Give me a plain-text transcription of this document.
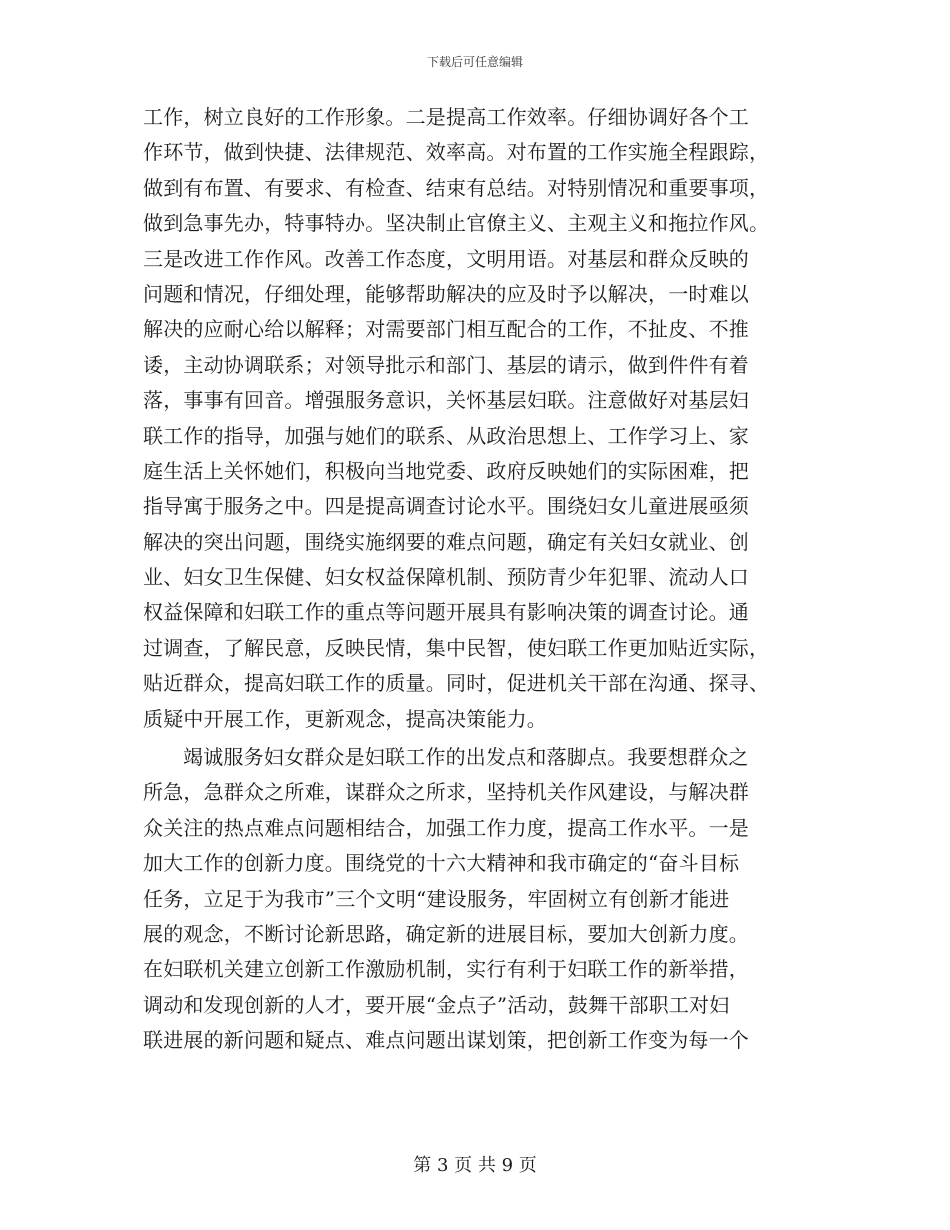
下载后可任意编辑
工作，树立良好的工作形象。二是提高工作效率。仔细协调好各个工
作环节，做到快捷、法律规范、效率高。对布置的工作实施全程跟踪，
做到有布置、有要求、有检查、结束有总结。对特别情况和重要事项，
做到急事先办，特事特办。坚决制止官僚主义、主观主义和拖拉作风。
三是改进工作作风。改善工作态度，文明用语。对基层和群众反映的
问题和情况，仔细处理，能够帮助解决的应及时予以解决，一时难以
解决的应耐心给以解释；对需要部门相互配合的工作，不扯皮、不推
诿，主动协调联系；对领导批示和部门、基层的请示，做到件件有着
落，事事有回音。增强服务意识，关怀基层妇联。注意做好对基层妇
联工作的指导，加强与她们的联系、从政治思想上、工作学习上、家
庭生活上关怀她们，积极向当地党委、政府反映她们的实际困难，把
指导寓于服务之中。四是提高调查讨论水平。围绕妇女儿童进展亟须
解决的突出问题，围绕实施纲要的难点问题，确定有关妇女就业、创
业、妇女卫生保健、妇女权益保障机制、预防青少年犯罪、流动人口
权益保障和妇联工作的重点等问题开展具有影响决策的调查讨论。通
过调查，了解民意，反映民情，集中民智，使妇联工作更加贴近实际，
贴近群众，提高妇联工作的质量。同时，促进机关干部在沟通、探寻、
质疑中开展工作，更新观念，提高决策能力。
竭诚服务妇女群众是妇联工作的出发点和落脚点。我要想群众之
所急，急群众之所难，谋群众之所求，坚持机关作风建设，与解决群
众关注的热点难点问题相结合，加强工作力度，提高工作水平。一是
加大工作的创新力度。围绕党的十六大精神和我市确定的“奋斗目标
任务，立足于为我市”三个文明“建设服务，牢固树立有创新才能进
展的观念，不断讨论新思路，确定新的进展目标，要加大创新力度。
在妇联机关建立创新工作激励机制，实行有利于妇联工作的新举措，
调动和发现创新的人才，要开展“金点子”活动，鼓舞干部职工对妇
联进展的新问题和疑点、难点问题出谋划策，把创新工作变为每一个
第 3 页 共 9 页
